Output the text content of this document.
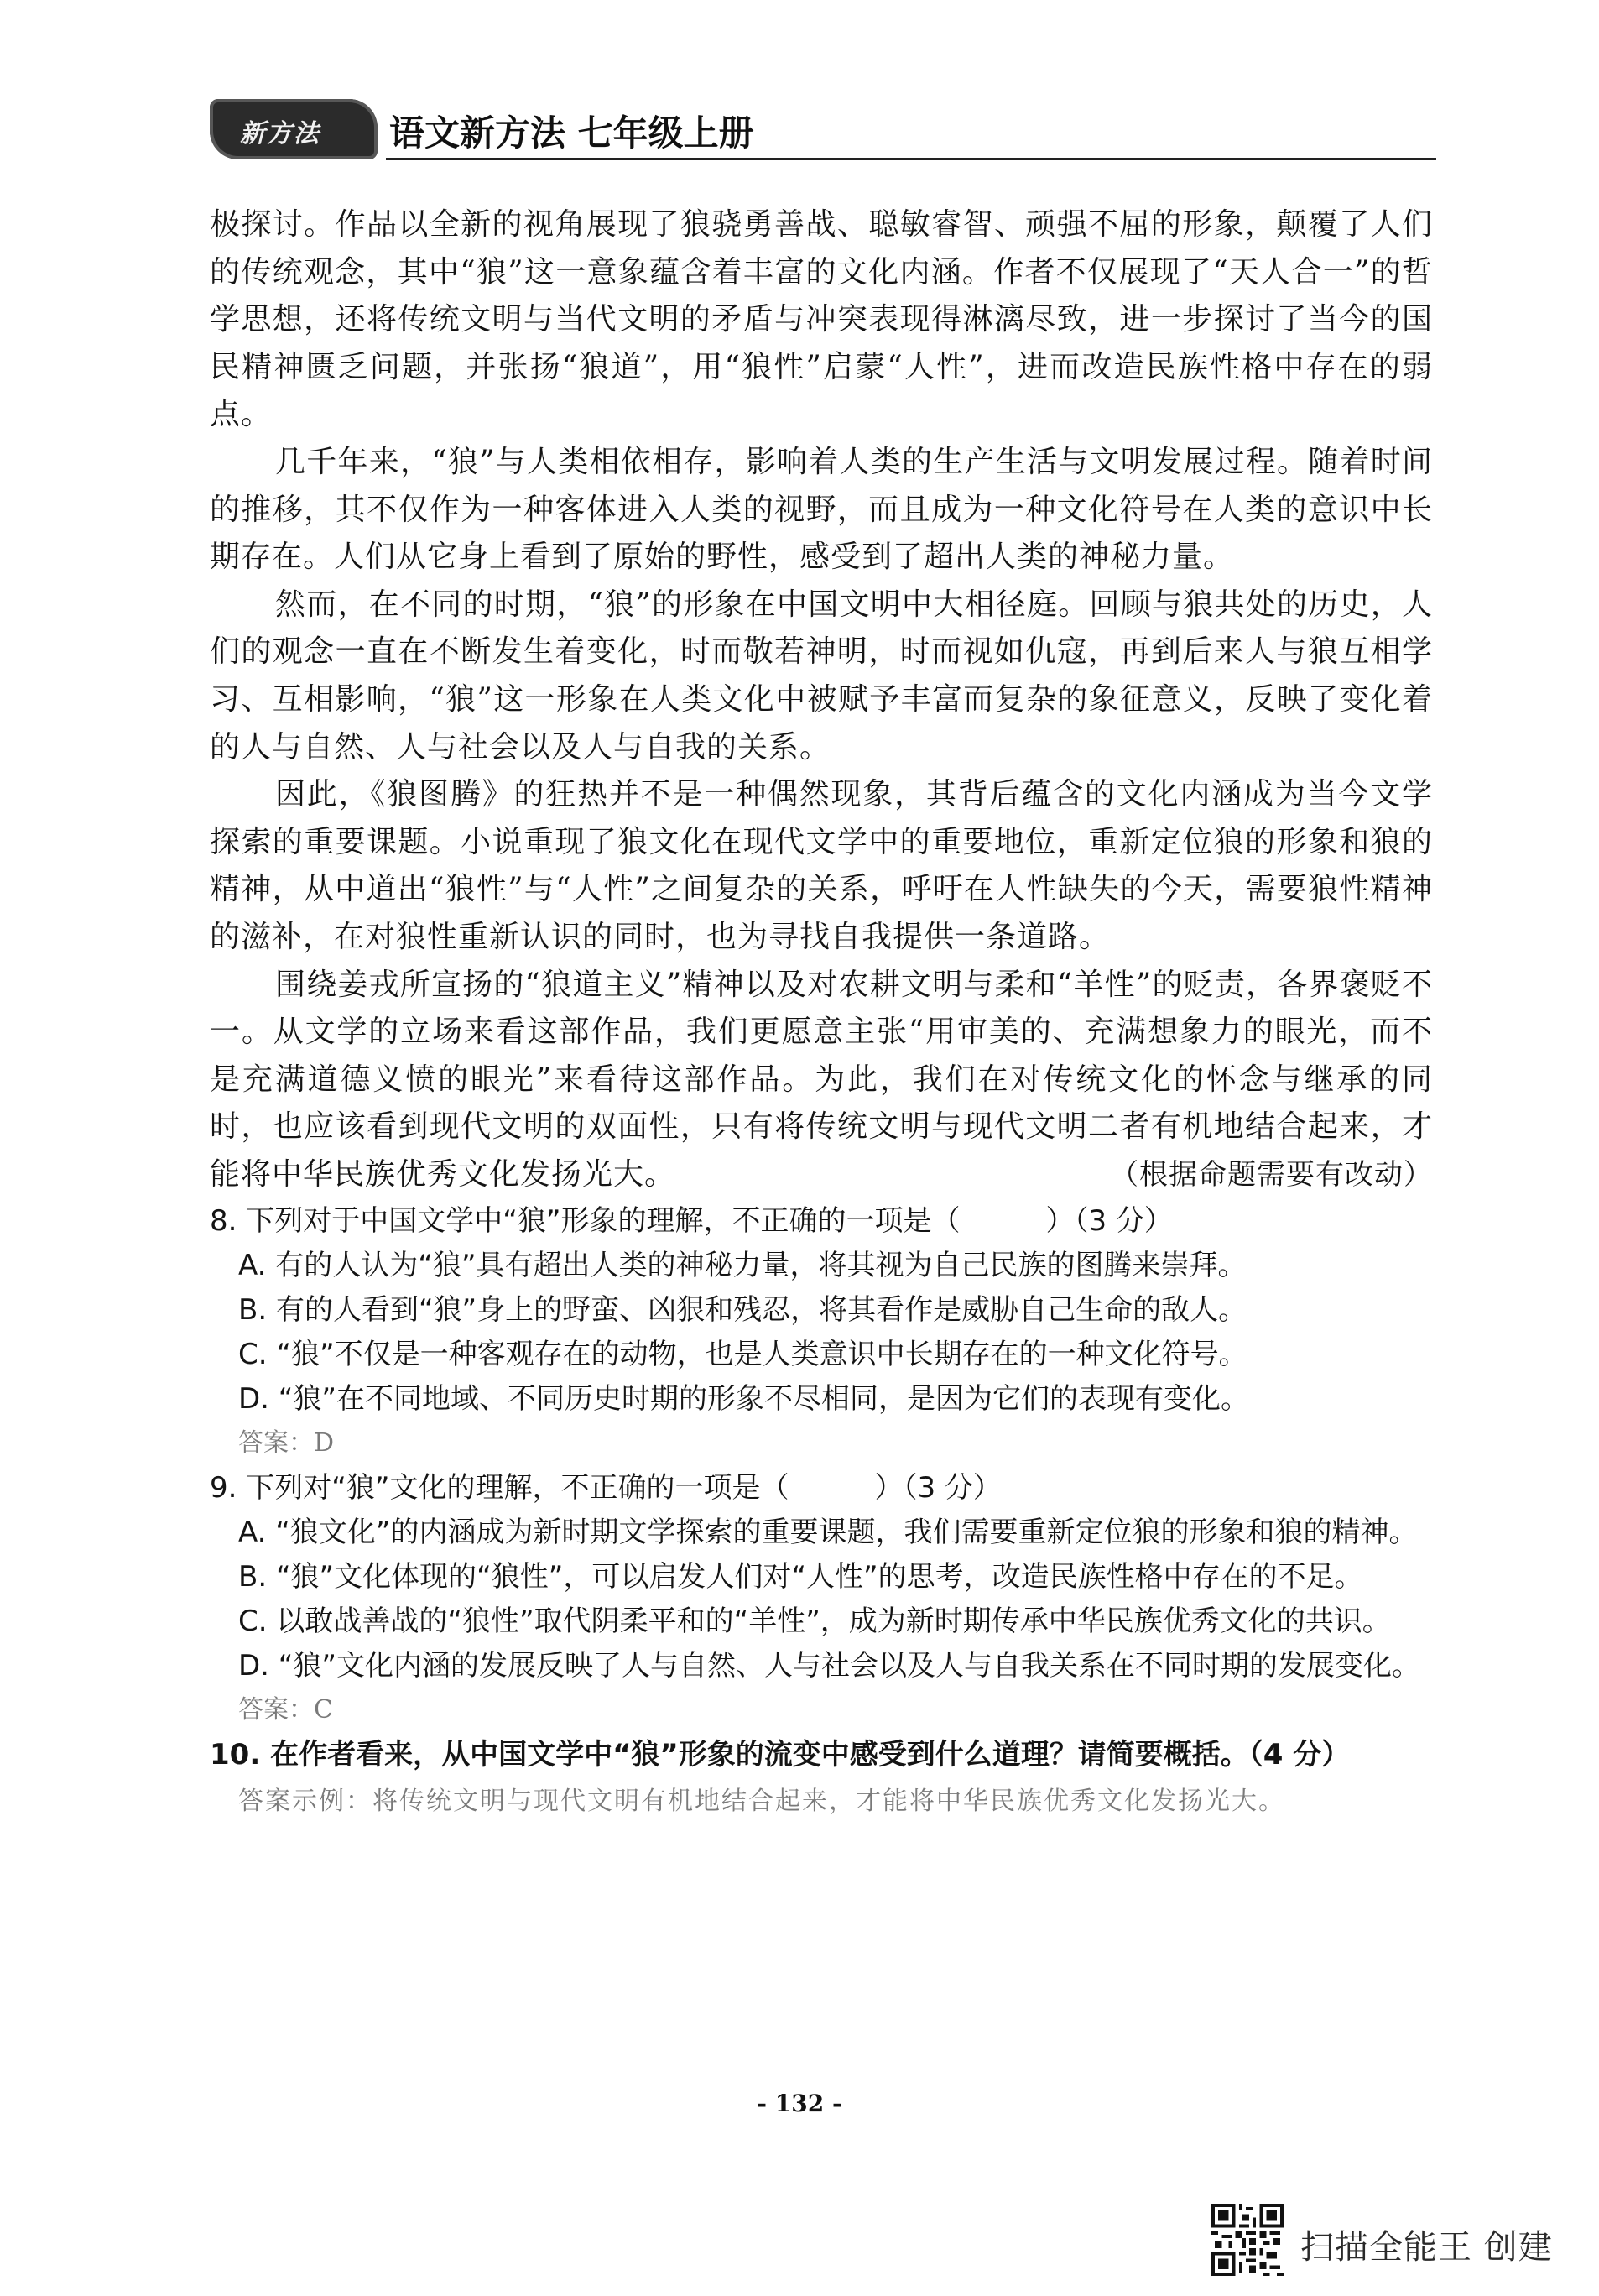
新方法 语文新方法 七年级上册

极探讨。作品以全新的视角展现了狼骁勇善战、聪敏睿智、顽强不屈的形象，颠覆了人们的传统观念，其中“狼”这一意象蕴含着丰富的文化内涵。作者不仅展现了“天人合一”的哲学思想，还将传统文明与当代文明的矛盾与冲突表现得淋漓尽致，进一步探讨了当今的国民精神匮乏问题，并张扬“狼道”，用“狼性”启蒙“人性”，进而改造民族性格中存在的弱点。

几千年来，“狼”与人类相依相存，影响着人类的生产生活与文明发展过程。随着时间的推移，其不仅作为一种客体进入人类的视野，而且成为一种文化符号在人类的意识中长期存在。人们从它身上看到了原始的野性，感受到了超出人类的神秘力量。

然而，在不同的时期，“狼”的形象在中国文明中大相径庭。回顾与狼共处的历史，人们的观念一直在不断发生着变化，时而敬若神明，时而视如仇寇，再到后来人与狼互相学习、互相影响，“狼”这一形象在人类文化中被赋予丰富而复杂的象征意义，反映了变化着的人与自然、人与社会以及人与自我的关系。

因此，《狼图腾》的狂热并不是一种偶然现象，其背后蕴含的文化内涵成为当今文学探索的重要课题。小说重现了狼文化在现代文学中的重要地位，重新定位狼的形象和狼的精神，从中道出“狼性”与“人性”之间复杂的关系，呼吁在人性缺失的今天，需要狼性精神的滋补，在对狼性重新认识的同时，也为寻找自我提供一条道路。

围绕姜戎所宣扬的“狼道主义”精神以及对农耕文明与柔和“羊性”的贬责，各界褒贬不一。从文学的立场来看这部作品，我们更愿意主张“用审美的、充满想象力的眼光，而不是充满道德义愤的眼光”来看待这部作品。为此，我们在对传统文化的怀念与继承的同时，也应该看到现代文明的双面性，只有将传统文明与现代文明二者有机地结合起来，才能将中华民族优秀文化发扬光大。	（根据命题需要有改动）

8. 下列对于中国文学中“狼”形象的理解，不正确的一项是（　　　）（3 分）

A. 有的人认为“狼”具有超出人类的神秘力量，将其视为自己民族的图腾来崇拜。

B. 有的人看到“狼”身上的野蛮、凶狠和残忍，将其看作是威胁自己生命的敌人。

C. “狼”不仅是一种客观存在的动物，也是人类意识中长期存在的一种文化符号。

D. “狼”在不同地域、不同历史时期的形象不尽相同，是因为它们的表现有变化。

答案：D

9. 下列对“狼”文化的理解，不正确的一项是（　　　）（3 分）

A. “狼文化”的内涵成为新时期文学探索的重要课题，我们需要重新定位狼的形象和狼的精神。

B. “狼”文化体现的“狼性”，可以启发人们对“人性”的思考，改造民族性格中存在的不足。

C. 以敢战善战的“狼性”取代阴柔平和的“羊性”，成为新时期传承中华民族优秀文化的共识。

D. “狼”文化内涵的发展反映了人与自然、人与社会以及人与自我关系在不同时期的发展变化。

答案：C

10. 在作者看来，从中国文学中“狼”形象的流变中感受到什么道理？请简要概括。（4 分）

答案示例：将传统文明与现代文明有机地结合起来，才能将中华民族优秀文化发扬光大。

- 132 -
扫描全能王 创建
